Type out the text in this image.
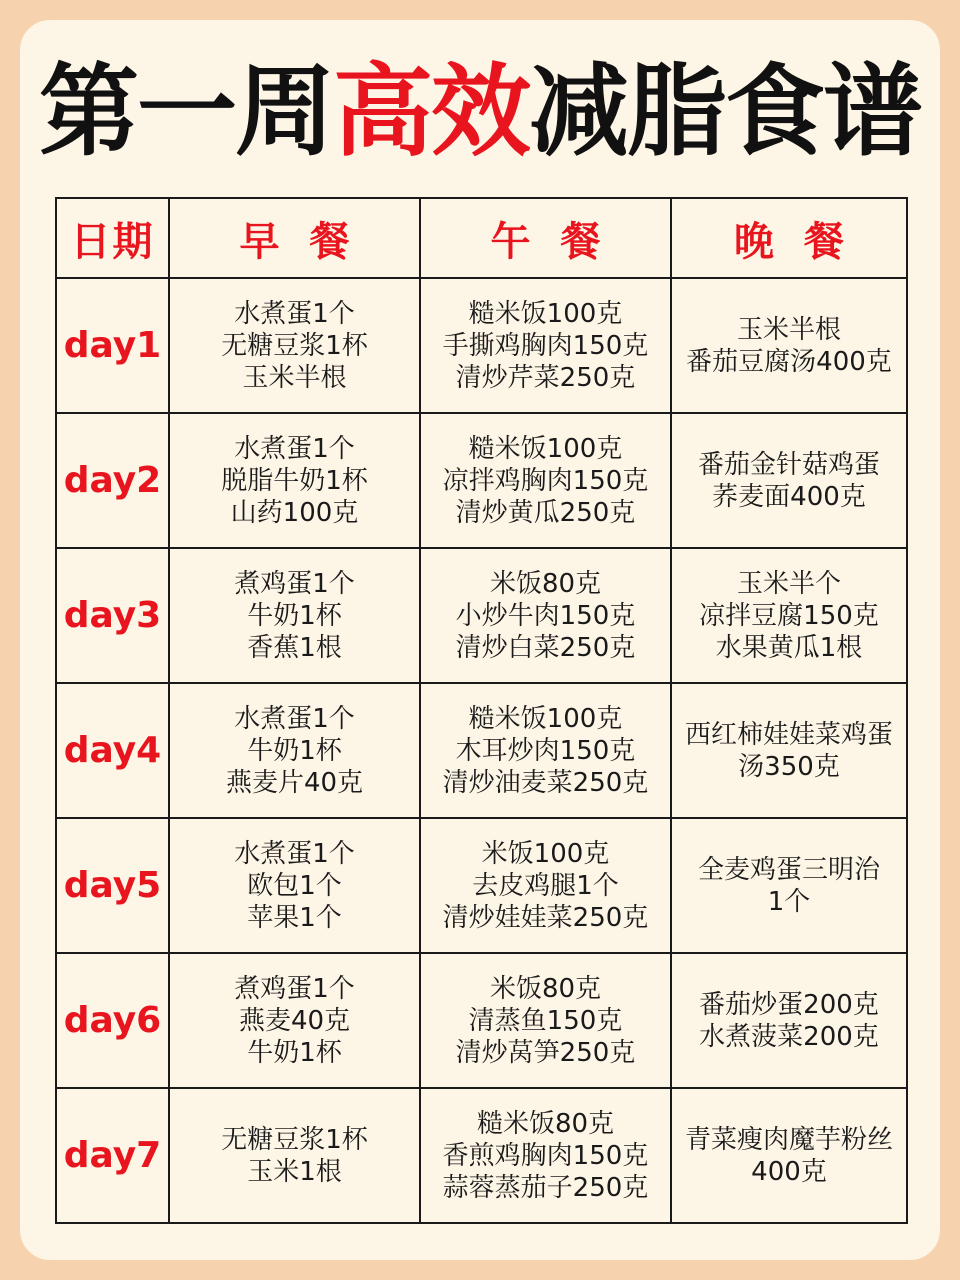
第一周高效减脂食谱
日期	早餐	午餐	晚餐
day1	水煮蛋1个
无糖豆浆1杯
玉米半根	糙米饭100克
手撕鸡胸肉150克
清炒芹菜250克	玉米半根
番茄豆腐汤400克

day2	水煮蛋1个
脱脂牛奶1杯
山药100克	糙米饭100克
凉拌鸡胸肉150克
清炒黄瓜250克	番茄金针菇鸡蛋
荞麦面400克

day3	煮鸡蛋1个
牛奶1杯
香蕉1根	米饭80克
小炒牛肉150克
清炒白菜250克	玉米半个
凉拌豆腐150克
水果黄瓜1根

day4	水煮蛋1个
牛奶1杯
燕麦片40克	糙米饭100克
木耳炒肉150克
清炒油麦菜250克	西红柿娃娃菜鸡蛋
汤350克

day5	水煮蛋1个
欧包1个
苹果1个	米饭100克
去皮鸡腿1个
清炒娃娃菜250克	全麦鸡蛋三明治
1个

day6	煮鸡蛋1个
燕麦40克
牛奶1杯	米饭80克
清蒸鱼150克
清炒莴笋250克	番茄炒蛋200克
水煮菠菜200克

day7	无糖豆浆1杯
玉米1根	糙米饭80克
香煎鸡胸肉150克
蒜蓉蒸茄子250克	青菜瘦肉魔芋粉丝
400克
